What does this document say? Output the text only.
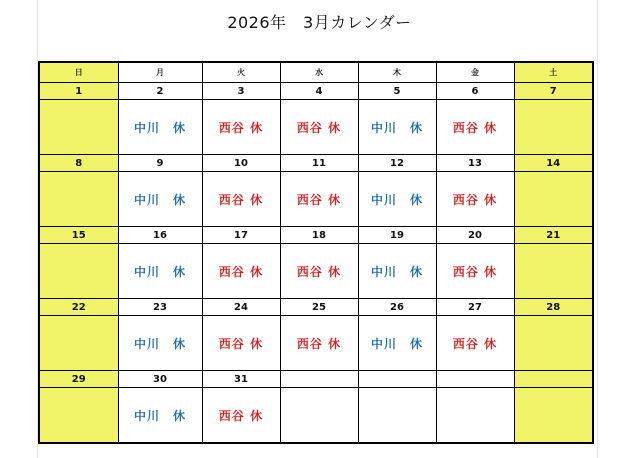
2026年　3月カレンダー
日	月	火	水	木	金	土
1	2	3	4	5	6	7
	中川　休	西谷 休	西谷 休	中川　休	西谷 休	
8	9	10	11	12	13	14
	中川　休	西谷 休	西谷 休	中川　休	西谷 休	
15	16	17	18	19	20	21
	中川　休	西谷 休	西谷 休	中川　休	西谷 休	
22	23	24	25	26	27	28
	中川　休	西谷 休	西谷 休	中川　休	西谷 休	
29	30	31				
	中川　休	西谷 休				
